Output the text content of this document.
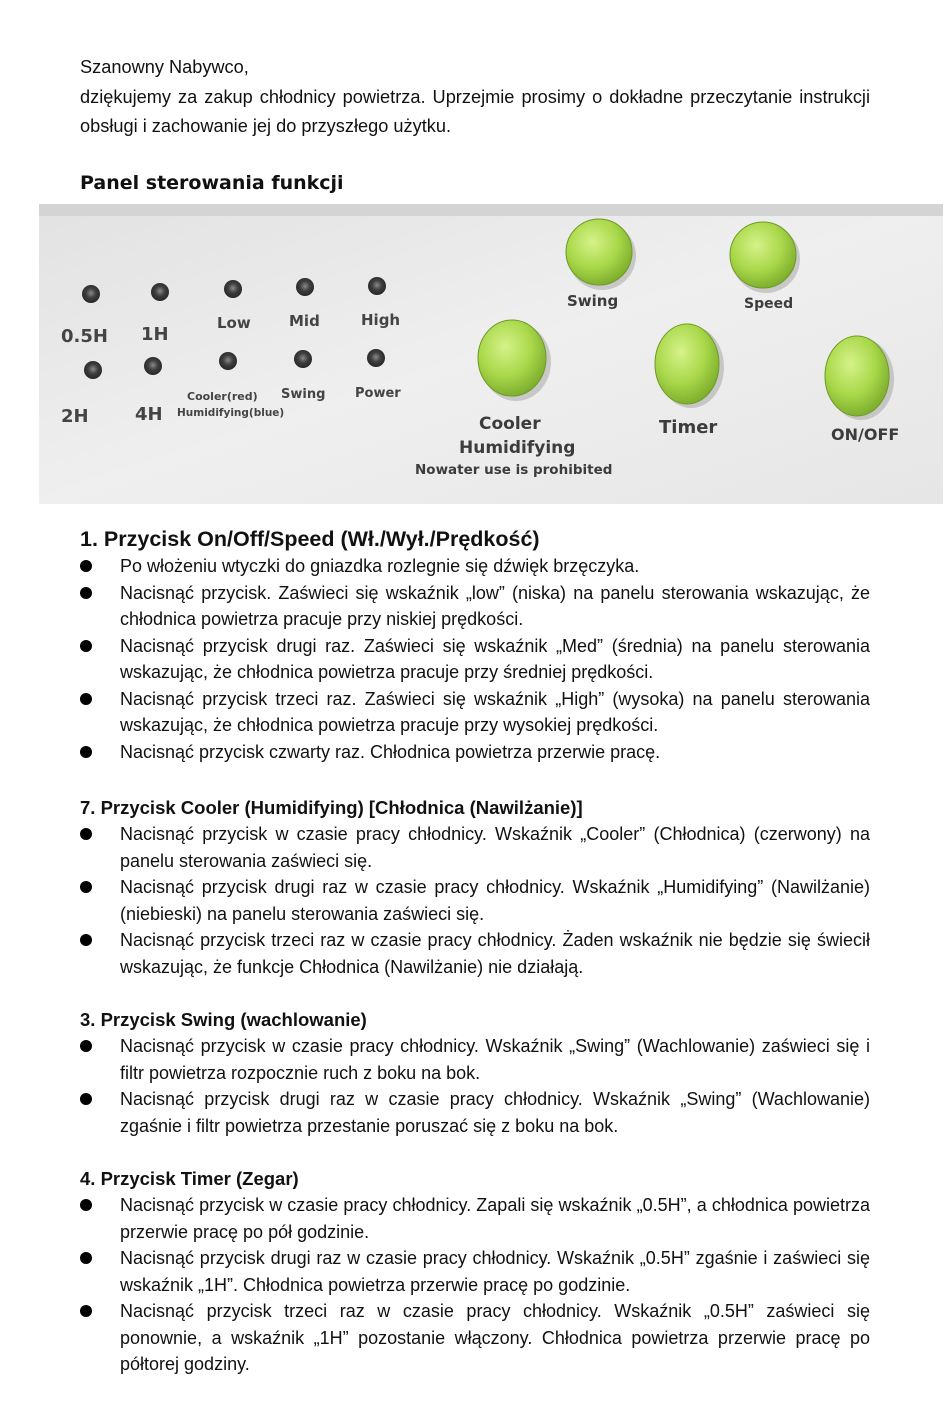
Szanowny Nabywco,

dziękujemy za zakup chłodnicy powietrza. Uprzejmie prosimy o dokładne przeczytanie instrukcji obsługi i zachowanie jej do przyszłego użytku.

Panel sterowania funkcji
0.5H 1H
Low	Mid	High
2H	4H
Cooler(red)
Humidifying(blue)
Swing Power
Swing	Speed
Cooler
Humidifying
Nowater use is prohibited
Timer	ON/OFF
1. Przycisk On/Off/Speed (Wł./Wył./Prędkość)
Po włożeniu wtyczki do gniazdka rozlegnie się dźwięk brzęczyka.
Nacisnąć przycisk. Zaświeci się wskaźnik „low” (niska) na panelu sterowania wskazując, że chłodnica powietrza pracuje przy niskiej prędkości.
Nacisnąć przycisk drugi raz. Zaświeci się wskaźnik „Med” (średnia) na panelu sterowania wskazując, że chłodnica powietrza pracuje przy średniej prędkości.
Nacisnąć przycisk trzeci raz. Zaświeci się wskaźnik „High” (wysoka) na panelu sterowania wskazując, że chłodnica powietrza pracuje przy wysokiej prędkości.
Nacisnąć przycisk czwarty raz. Chłodnica powietrza przerwie pracę.
7. Przycisk Cooler (Humidifying) [Chłodnica (Nawilżanie)]
Nacisnąć przycisk w czasie pracy chłodnicy. Wskaźnik „Cooler” (Chłodnica) (czerwony) na panelu sterowania zaświeci się.
Nacisnąć przycisk drugi raz w czasie pracy chłodnicy. Wskaźnik „Humidifying” (Nawilżanie) (niebieski) na panelu sterowania zaświeci się.
Nacisnąć przycisk trzeci raz w czasie pracy chłodnicy. Żaden wskaźnik nie będzie się świecił wskazując, że funkcje Chłodnica (Nawilżanie) nie działają.
3. Przycisk Swing (wachlowanie)
Nacisnąć przycisk w czasie pracy chłodnicy. Wskaźnik „Swing” (Wachlowanie) zaświeci się i filtr powietrza rozpocznie ruch z boku na bok.
Nacisnąć przycisk drugi raz w czasie pracy chłodnicy. Wskaźnik „Swing” (Wachlowanie) zgaśnie i filtr powietrza przestanie poruszać się z boku na bok.
4. Przycisk Timer (Zegar)
Nacisnąć przycisk w czasie pracy chłodnicy. Zapali się wskaźnik „0.5H”, a chłodnica powietrza przerwie pracę po pół godzinie.
Nacisnąć przycisk drugi raz w czasie pracy chłodnicy. Wskaźnik „0.5H” zgaśnie i zaświeci się wskaźnik „1H”. Chłodnica powietrza przerwie pracę po godzinie.
Nacisnąć przycisk trzeci raz w czasie pracy chłodnicy. Wskaźnik „0.5H” zaświeci się ponownie, a wskaźnik „1H” pozostanie włączony. Chłodnica powietrza przerwie pracę po półtorej godziny.
